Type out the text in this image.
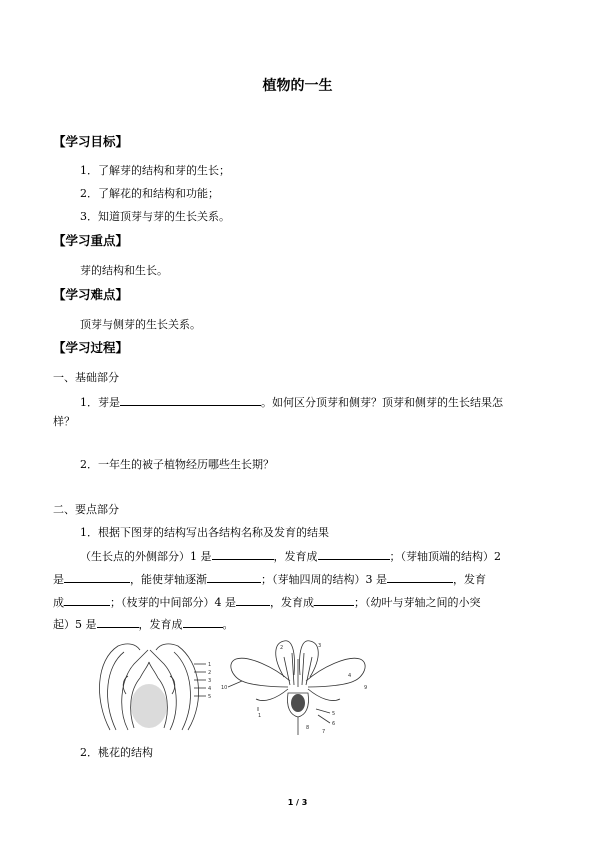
植物的一生
【学习目标】
1．了解芽的结构和芽的生长；
2．了解花的和结构和功能；
3．知道顶芽与芽的生长关系。
【学习重点】
芽的结构和生长。
【学习难点】
顶芽与侧芽的生长关系。
【学习过程】
一、基础部分
1．芽是	。如何区分顶芽和侧芽？顶芽和侧芽的生长结果怎
样？
2．一年生的被子植物经历哪些生长期？
二、要点部分
1．根据下图芽的结构写出各结构名称及发育的结果
（生长点的外侧部分）1 是	，发育成	；（芽轴顶端的结构）2
是	，能使芽轴逐渐	；（芽轴四周的结构）3 是	，发育
成	；（枝芽的中间部分）4 是	，发育成	；（幼叶与芽轴之间的小突
起）5 是	，发育成	。
1
2
3
4
5
1
2	3
4
5
6
7
8
9
10
2．桃花的结构
1 / 3
